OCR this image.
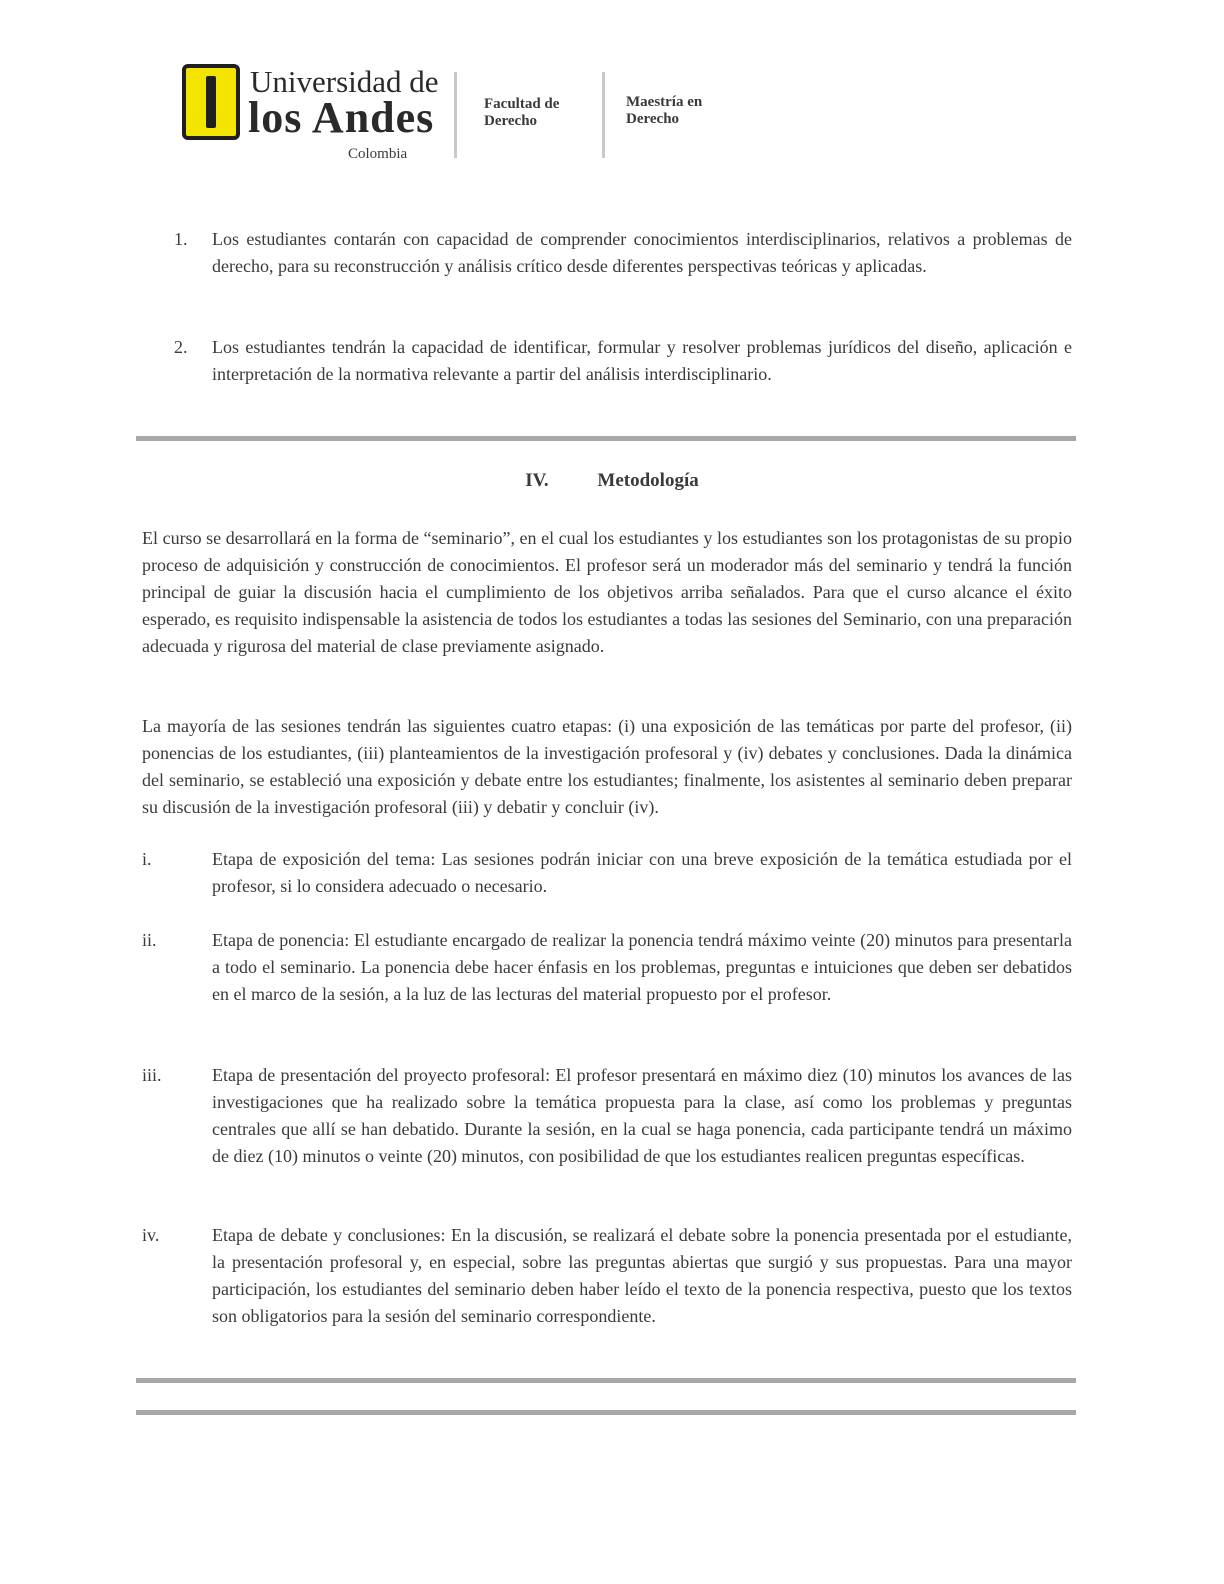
Universidad de
los Andes
Colombia
Facultad de Derecho
Maestría en Derecho
1. Los estudiantes contarán con capacidad de comprender conocimientos interdisciplinarios, relativos a problemas de derecho, para su reconstrucción y análisis crítico desde diferentes perspectivas teóricas y aplicadas.
2. Los estudiantes tendrán la capacidad de identificar, formular y resolver problemas jurídicos del diseño, aplicación e interpretación de la normativa relevante a partir del análisis interdisciplinario.
IV.	Metodología
El curso se desarrollará en la forma de “seminario”, en el cual los estudiantes y los estudiantes son los protagonistas de su propio proceso de adquisición y construcción de conocimientos. El profesor será un moderador más del seminario y tendrá la función principal de guiar la discusión hacia el cumplimiento de los objetivos arriba señalados. Para que el curso alcance el éxito esperado, es requisito indispensable la asistencia de todos los estudiantes a todas las sesiones del Seminario, con una preparación adecuada y rigurosa del material de clase previamente asignado.
La mayoría de las sesiones tendrán las siguientes cuatro etapas: (i) una exposición de las temáticas por parte del profesor, (ii) ponencias de los estudiantes, (iii) planteamientos de la investigación profesoral y (iv) debates y conclusiones. Dada la dinámica del seminario, se estableció una exposición y debate entre los estudiantes; finalmente, los asistentes al seminario deben preparar su discusión de la investigación profesoral (iii) y debatir y concluir (iv).
i.	Etapa de exposición del tema: Las sesiones podrán iniciar con una breve exposición de la temática estudiada por el profesor, si lo considera adecuado o necesario.
ii.	Etapa de ponencia: El estudiante encargado de realizar la ponencia tendrá máximo veinte (20) minutos para presentarla a todo el seminario. La ponencia debe hacer énfasis en los problemas, preguntas e intuiciones que deben ser debatidos en el marco de la sesión, a la luz de las lecturas del material propuesto por el profesor.
iii.	Etapa de presentación del proyecto profesoral: El profesor presentará en máximo diez (10) minutos los avances de las investigaciones que ha realizado sobre la temática propuesta para la clase, así como los problemas y preguntas centrales que allí se han debatido. Durante la sesión, en la cual se haga ponencia, cada participante tendrá un máximo de diez (10) minutos o veinte (20) minutos, con posibilidad de que los estudiantes realicen preguntas específicas.
iv.	Etapa de debate y conclusiones: En la discusión, se realizará el debate sobre la ponencia presentada por el estudiante, la presentación profesoral y, en especial, sobre las preguntas abiertas que surgió y sus propuestas. Para una mayor participación, los estudiantes del seminario deben haber leído el texto de la ponencia respectiva, puesto que los textos son obligatorios para la sesión del seminario correspondiente.
